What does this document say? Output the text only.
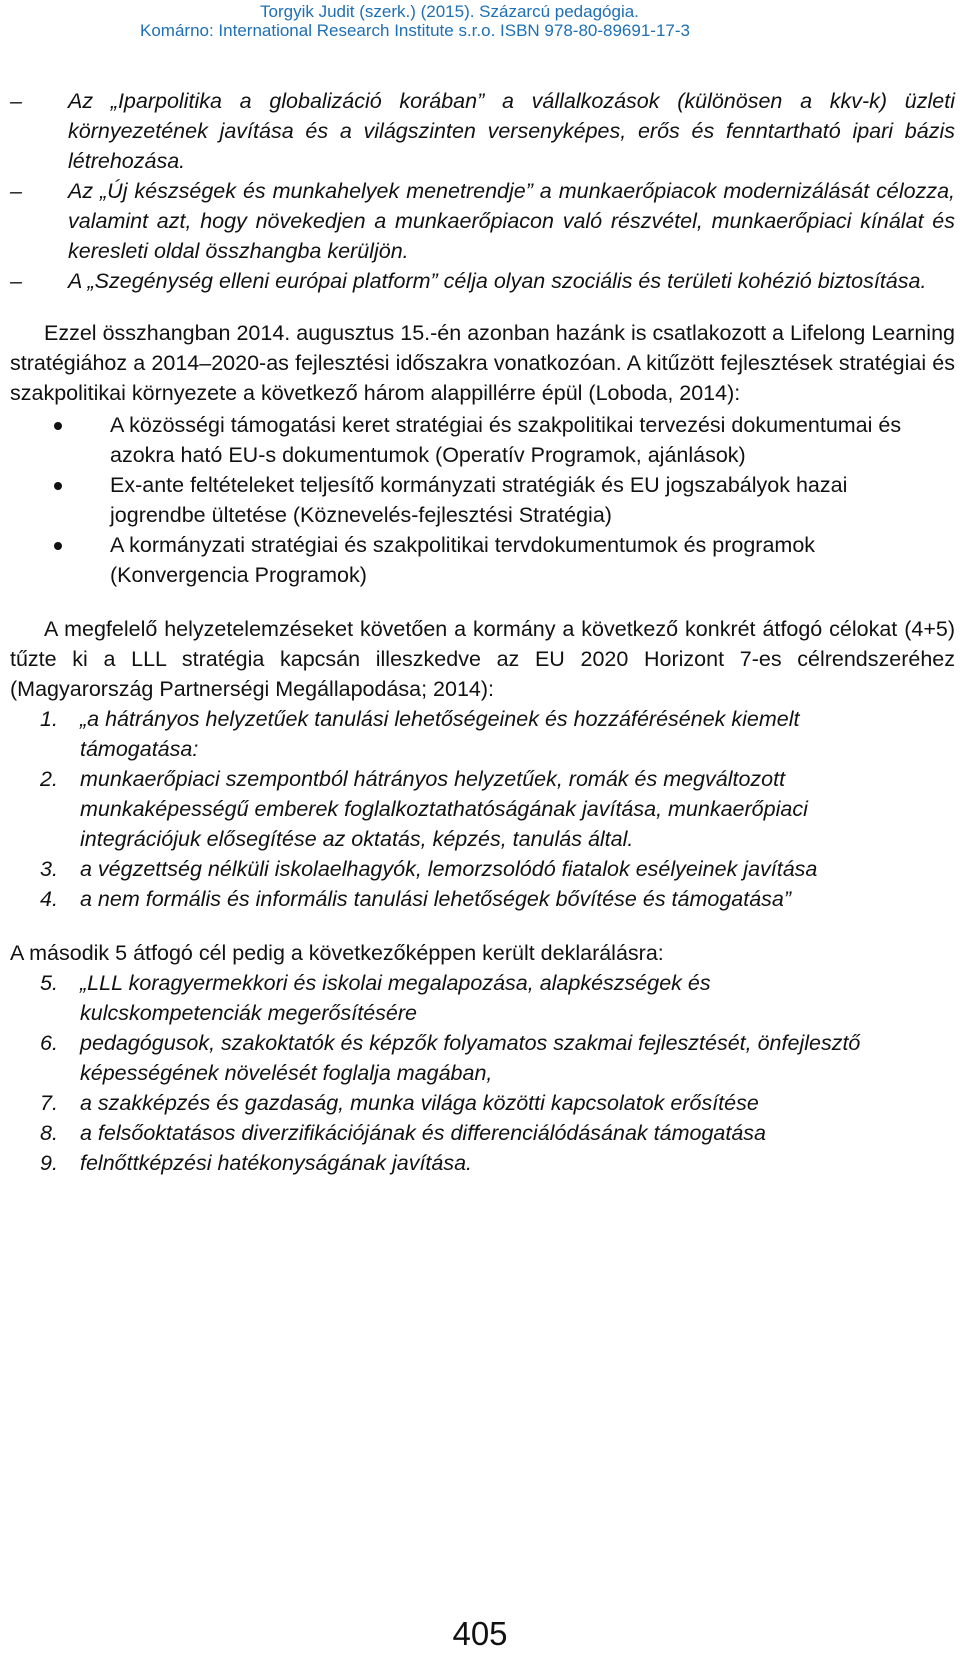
Torgyik Judit (szerk.) (2015). Százarcú pedagógia.
Komárno: International Research Institute s.r.o. ISBN 978-80-89691-17-3

– Az „Iparpolitika a globalizáció korában” a vállalkozások (különösen a kkv-k) üzleti környezetének javítása és a világszinten versenyképes, erős és fenntartható ipari bázis létrehozása.

– Az „Új készségek és munkahelyek menetrendje” a munkaerőpiacok modernizálását célozza, valamint azt, hogy növekedjen a munkaerőpiacon való részvétel, munkaerőpiaci kínálat és keresleti oldal összhangba kerüljön.

– A „Szegénység elleni európai platform” célja olyan szociális és területi kohézió biztosítása.

Ezzel összhangban 2014. augusztus 15.-én azonban hazánk is csatlakozott a Lifelong Learning stratégiához a 2014–2020-as fejlesztési időszakra vonatkozóan. A kitűzött fejlesztések stratégiai és szakpolitikai környezete a következő három alappillérre épül (Loboda, 2014):

A közösségi támogatási keret stratégiai és szakpolitikai tervezési dokumentumai és azokra ható EU-s dokumentumok (Operatív Programok, ajánlások)
Ex-ante feltételeket teljesítő kormányzati stratégiák és EU jogszabályok hazai jogrendbe ültetése (Köznevelés-fejlesztési Stratégia)
A kormányzati stratégiai és szakpolitikai tervdokumentumok és programok (Konvergencia Programok)

A megfelelő helyzetelemzéseket követően a kormány a következő konkrét átfogó célokat (4+5) tűzte ki a LLL stratégia kapcsán illeszkedve az EU 2020 Horizont 7-es célrendszeréhez (Magyarország Partnerségi Megállapodása; 2014):

1. „a hátrányos helyzetűek tanulási lehetőségeinek és hozzáférésének kiemelt támogatása:
2. munkaerőpiaci szempontból hátrányos helyzetűek, romák és megváltozott munkaképességű emberek foglalkoztathatóságának javítása, munkaerőpiaci integrációjuk elősegítése az oktatás, képzés, tanulás által.
3. a végzettség nélküli iskolaelhagyók, lemorzsolódó fiatalok esélyeinek javítása
4. a nem formális és informális tanulási lehetőségek bővítése és támogatása”

A második 5 átfogó cél pedig a következőképpen került deklarálásra:

5. „LLL koragyermekkori és iskolai megalapozása, alapkészségek és kulcskompetenciák megerősítésére
6. pedagógusok, szakoktatók és képzők folyamatos szakmai fejlesztését, önfejlesztő képességének növelését foglalja magában,
7. a szakképzés és gazdaság, munka világa közötti kapcsolatok erősítése
8. a felsőoktatásos diverzifikációjának és differenciálódásának támogatása
9. felnőttképzési hatékonyságának javítása.
405
